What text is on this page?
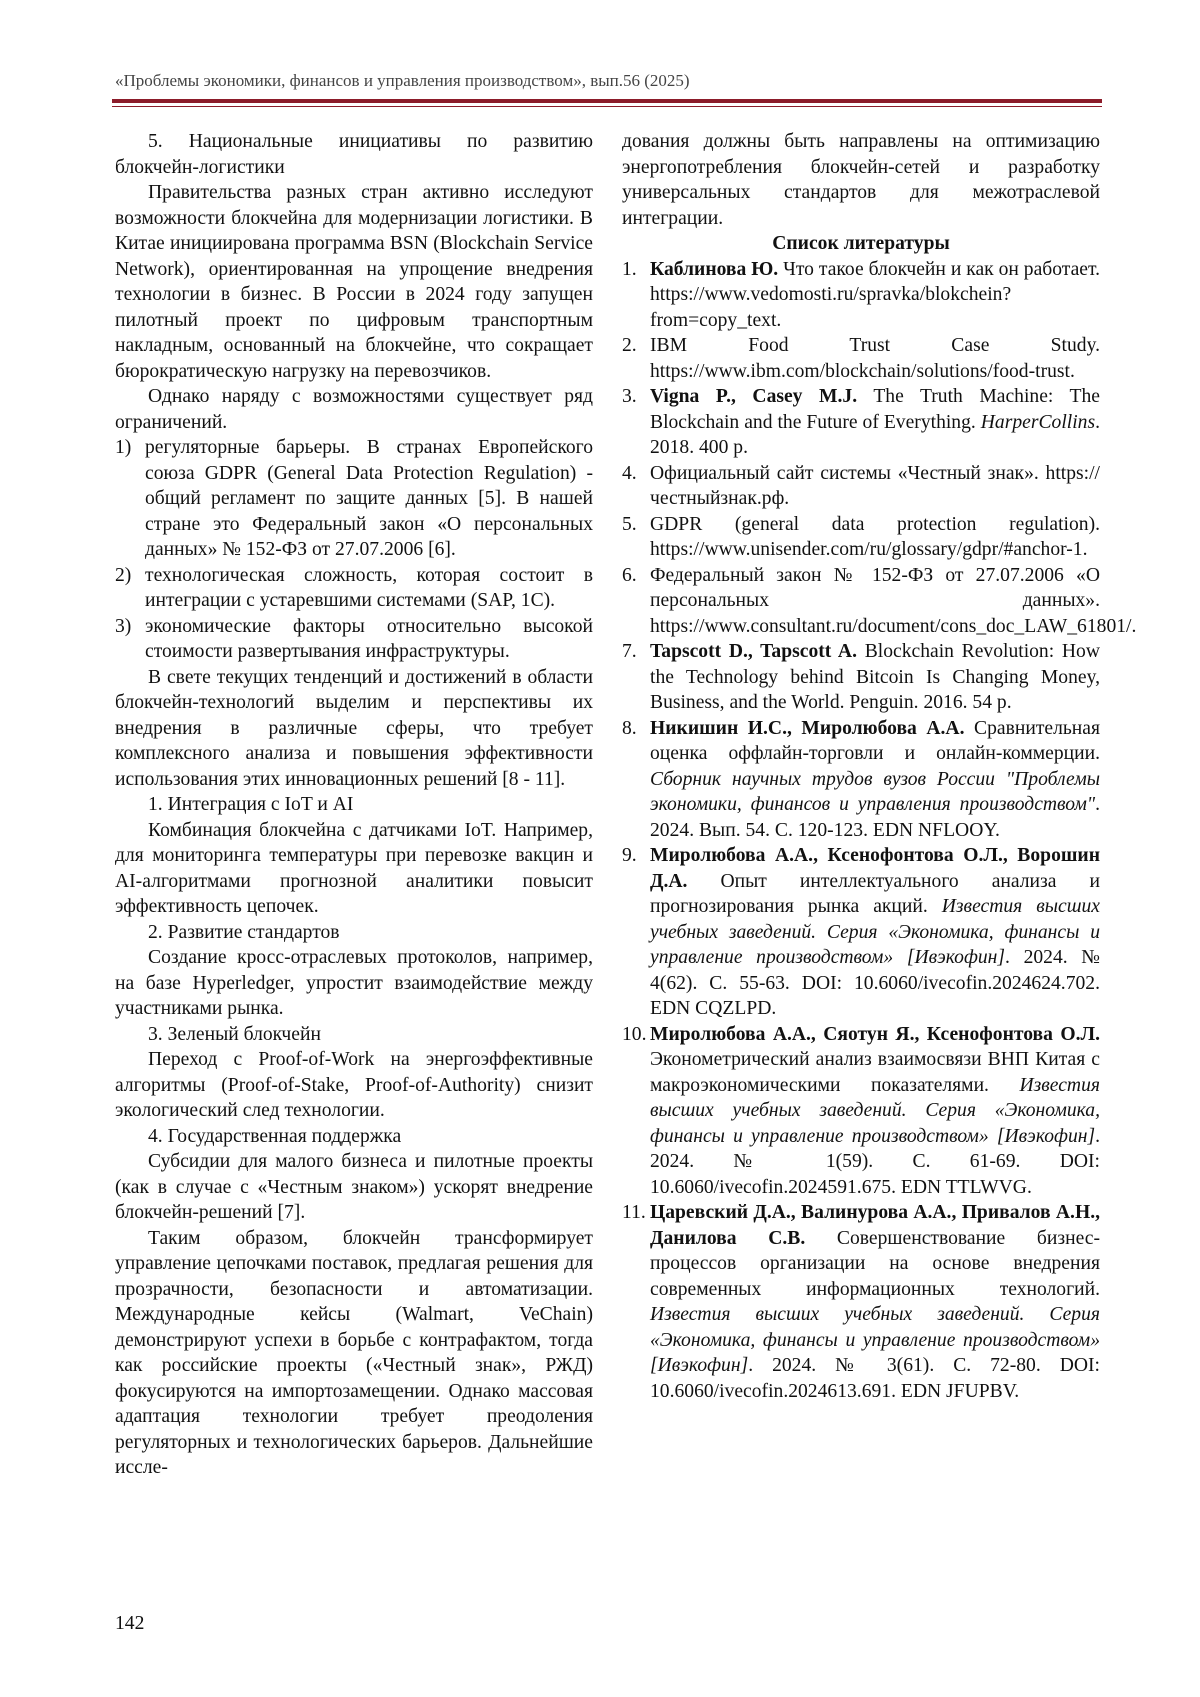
«Проблемы экономики, финансов и управления производством», вып.56 (2025)

5. Национальные инициативы по развитию блокчейн-логистики

Правительства разных стран активно исследуют возможности блокчейна для модернизации логистики. В Китае инициирована программа BSN (Blockchain Service Network), ориентированная на упрощение внедрения технологии в бизнес. В России в 2024 году запущен пилотный проект по цифровым транспортным накладным, основанный на блокчейне, что сокращает бюрократическую нагрузку на перевозчиков.

Однако наряду с возможностями существует ряд ограничений.

1) регуляторные барьеры. В странах Европейского союза GDPR (General Data Protection Regulation) - общий регламент по защите данных [5]. В нашей стране это Федеральный закон «О персональных данных» № 152-ФЗ от 27.07.2006 [6].
2) технологическая сложность, которая состоит в интеграции с устаревшими системами (SAP, 1С).
3) экономические факторы относительно высокой стоимости развертывания инфраструктуры.

В свете текущих тенденций и достижений в области блокчейн-технологий выделим и перспективы их внедрения в различные сферы, что требует комплексного анализа и повышения эффективности использования этих инновационных решений [8 - 11].

1. Интеграция с IoT и AI

Комбинация блокчейна с датчиками IoT. Например, для мониторинга температуры при перевозке вакцин и AI-алгоритмами прогнозной аналитики повысит эффективность цепочек.

2. Развитие стандартов

Создание кросс-отраслевых протоколов, например, на базе Hyperledger, упростит взаимодействие между участниками рынка.

3. Зеленый блокчейн

Переход с Proof-of-Work на энергоэффективные алгоритмы (Proof-of-Stake, Proof-of-Authority) снизит экологический след технологии.

4. Государственная поддержка

Субсидии для малого бизнеса и пилотные проекты (как в случае с «Честным знаком») ускорят внедрение блокчейн-решений [7].

Таким образом, блокчейн трансформирует управление цепочками поставок, предлагая решения для прозрачности, безопасности и автоматизации. Международные кейсы (Walmart, VeChain) демонстрируют успехи в борьбе с контрафактом, тогда как российские проекты («Честный знак», РЖД) фокусируются на импортозамещении. Однако массовая адаптация технологии требует преодоления регуляторных и технологических барьеров. Дальнейшие иссле-

дования должны быть направлены на оптимизацию энергопотребления блокчейн-сетей и разработку универсальных стандартов для межотраслевой интеграции.

Список литературы

1. Каблинова Ю. Что такое блокчейн и как он работает. https://www.vedomosti.ru/spravka/blokchein?from=copy_text.
2. IBM Food Trust Case Study. https://www.ibm.com/blockchain/solutions/food-trust.
3. Vigna P., Casey M.J. The Truth Machine: The Blockchain and the Future of Everything. HarperCollins. 2018. 400 p.
4. Официальный сайт системы «Честный знак». https://честныйзнак.рф.
5. GDPR (general data protection regulation). https://www.unisender.com/ru/glossary/gdpr/#anchor-1.
6. Федеральный закон № 152-ФЗ от 27.07.2006 «О персональных данных». https://www.consultant.ru/document/cons_doc_LAW_61801/.
7. Tapscott D., Tapscott A. Blockchain Revolution: How the Technology behind Bitcoin Is Changing Money, Business, and the World. Penguin. 2016. 54 p.
8. Никишин И.С., Миролюбова А.А. Сравнительная оценка оффлайн-торговли и онлайн-коммерции. Сборник научных трудов вузов России "Проблемы экономики, финансов и управления производством". 2024. Вып. 54. С. 120-123. EDN NFLOOY.
9. Миролюбова А.А., Ксенофонтова О.Л., Ворошин Д.А. Опыт интеллектуального анализа и прогнозирования рынка акций. Известия высших учебных заведений. Серия «Экономика, финансы и управление производством» [Ивэкофин]. 2024. № 4(62). С. 55-63. DOI: 10.6060/ivecofin.2024624.702. EDN CQZLPD.
10. Миролюбова А.А., Сяотун Я., Ксенофонтова О.Л. Эконометрический анализ взаимосвязи ВНП Китая с макроэкономическими показателями. Известия высших учебных заведений. Серия «Экономика, финансы и управление производством» [Ивэкофин]. 2024. № 1(59). С. 61-69. DOI: 10.6060/ivecofin.2024591.675. EDN TTLWVG.
11. Царевский Д.А., Валинурова А.А., Привалов А.Н., Данилова С.В. Совершенствование бизнес-процессов организации на основе внедрения современных информационных технологий. Известия высших учебных заведений. Серия «Экономика, финансы и управление производством» [Ивэкофин]. 2024. № 3(61). С. 72-80. DOI: 10.6060/ivecofin.2024613.691. EDN JFUPBV.
142
